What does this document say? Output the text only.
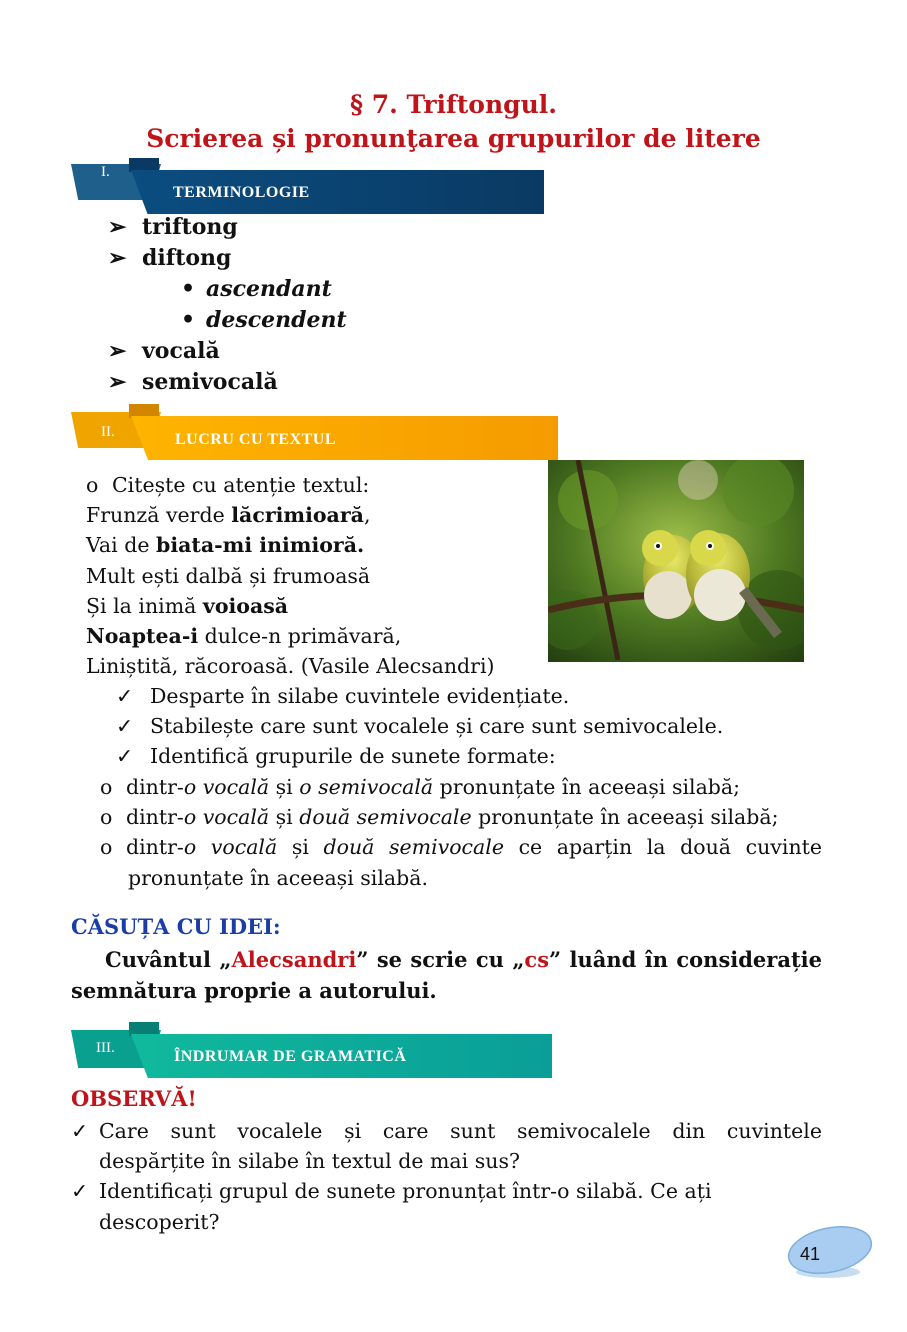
§ 7. Triftongul.
Scrierea și pronunţarea grupurilor de litere
I.
TERMINOLOGIE
➢ triftong
➢ diftong
• ascendant
• descendent
➢ vocală
➢ semivocală
II.	LUCRU CU TEXTUL
o Citește cu atenție textul:
Frunză verde lăcrimioară,
Vai de biata-mi inimioră.
Mult ești dalbă și frumoasă
Și la inimă voioasă
Noaptea-i dulce-n primăvară,
Liniștită, răcoroasă. (Vasile Alecsandri)
✓ Desparte în silabe cuvintele evidențiate.
✓ Stabilește care sunt vocalele și care sunt semivocalele.
✓ Identifică grupurile de sunete formate:
o dintr-o vocală și o semivocală pronunțate în aceeași silabă;
o dintr-o vocală și două semivocale pronunțate în aceeași silabă;
o dintr-o vocală și două semivocale ce aparțin la două cuvinte
pronunțate în aceeași silabă.
CĂSUȚA CU IDEI:
Cuvântul „Alecsandri” se scrie cu „cs” luând în considerație
semnătura proprie a autorului.
III.	ÎNDRUMAR DE GRAMATICĂ
OBSERVĂ!
✓ Care sunt vocalele și care sunt semivocalele din cuvintele
despărțite în silabe în textul de mai sus?
✓ Identificați grupul de sunete pronunțat într-o silabă. Ce ați
descoperit?
41
